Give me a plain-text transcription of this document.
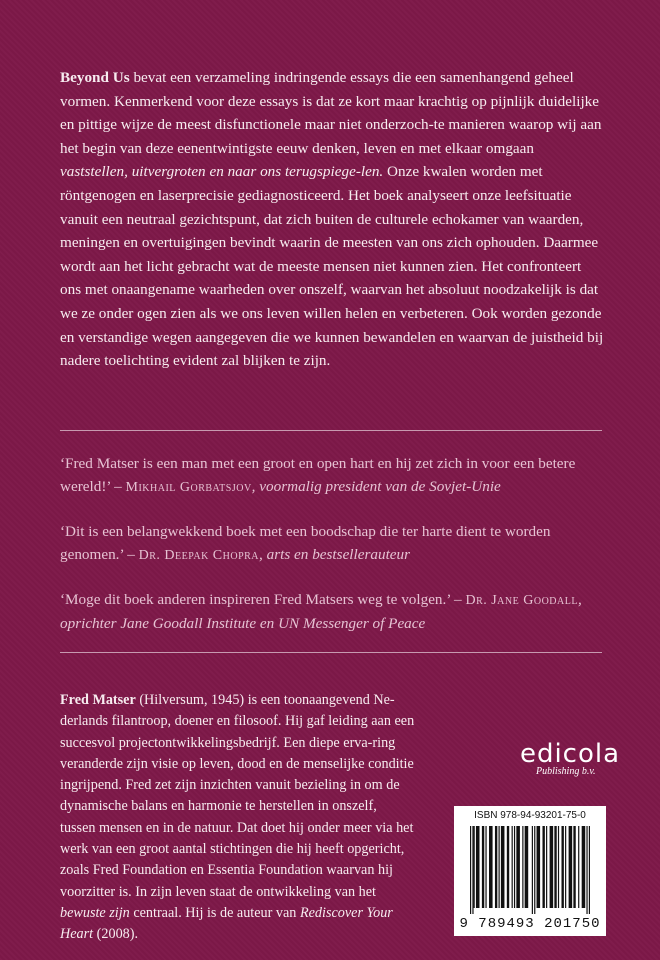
Beyond Us bevat een verzameling indringende essays die een samenhangend geheel vormen. Kenmerkend voor deze essays is dat ze kort maar krachtig op pijnlijk duidelijke en pittige wijze de meest disfunctionele maar niet onderzoch-te manieren waarop wij aan het begin van deze eenentwintigste eeuw denken, leven en met elkaar omgaan vaststellen, uitvergroten en naar ons terugspiege-len. Onze kwalen worden met röntgenogen en laserprecisie gediagnosticeerd. Het boek analyseert onze leefsituatie vanuit een neutraal gezichtspunt, dat zich buiten de culturele echokamer van waarden, meningen en overtuigingen bevindt waarin de meesten van ons zich ophouden. Daarmee wordt aan het licht gebracht wat de meeste mensen niet kunnen zien. Het confronteert ons met onaangename waarheden over onszelf, waarvan het absoluut noodzakelijk is dat we ze onder ogen zien als we ons leven willen helen en verbeteren. Ook worden gezonde en verstandige wegen aangegeven die we kunnen bewandelen en waarvan de juistheid bij nadere toelichting evident zal blijken te zijn.

‘Fred Matser is een man met een groot en open hart en hij zet zich in voor een betere wereld!’ – Mikhail Gorbatsjov, voormalig president van de Sovjet-Unie

‘Dit is een belangwekkend boek met een boodschap die ter harte dient te worden genomen.’ – Dr. Deepak Chopra, arts en bestsellerauteur

‘Moge dit boek anderen inspireren Fred Matsers weg te volgen.’ – Dr. Jane Goodall, oprichter Jane Goodall Institute en UN Messenger of Peace

Fred Matser (Hilversum, 1945) is een toonaangevend Ne-derlands filantroop, doener en filosoof. Hij gaf leiding aan een succesvol projectontwikkelingsbedrijf. Een diepe erva-ring veranderde zijn visie op leven, dood en de menselijke conditie ingrijpend. Fred zet zijn inzichten vanuit bezieling in om de dynamische balans en harmonie te herstellen in onszelf, tussen mensen en in de natuur. Dat doet hij onder meer via het werk van een groot aantal stichtingen die hij heeft opgericht, zoals Fred Foundation en Essentia Foundation waarvan hij voorzitter is. In zijn leven staat de ontwikkeling van het bewuste zijn centraal. Hij is de auteur van Rediscover Your Heart (2008).

edicola
Publishing b.v.
ISBN 978-94-93201-75-0
9 789493 201750
